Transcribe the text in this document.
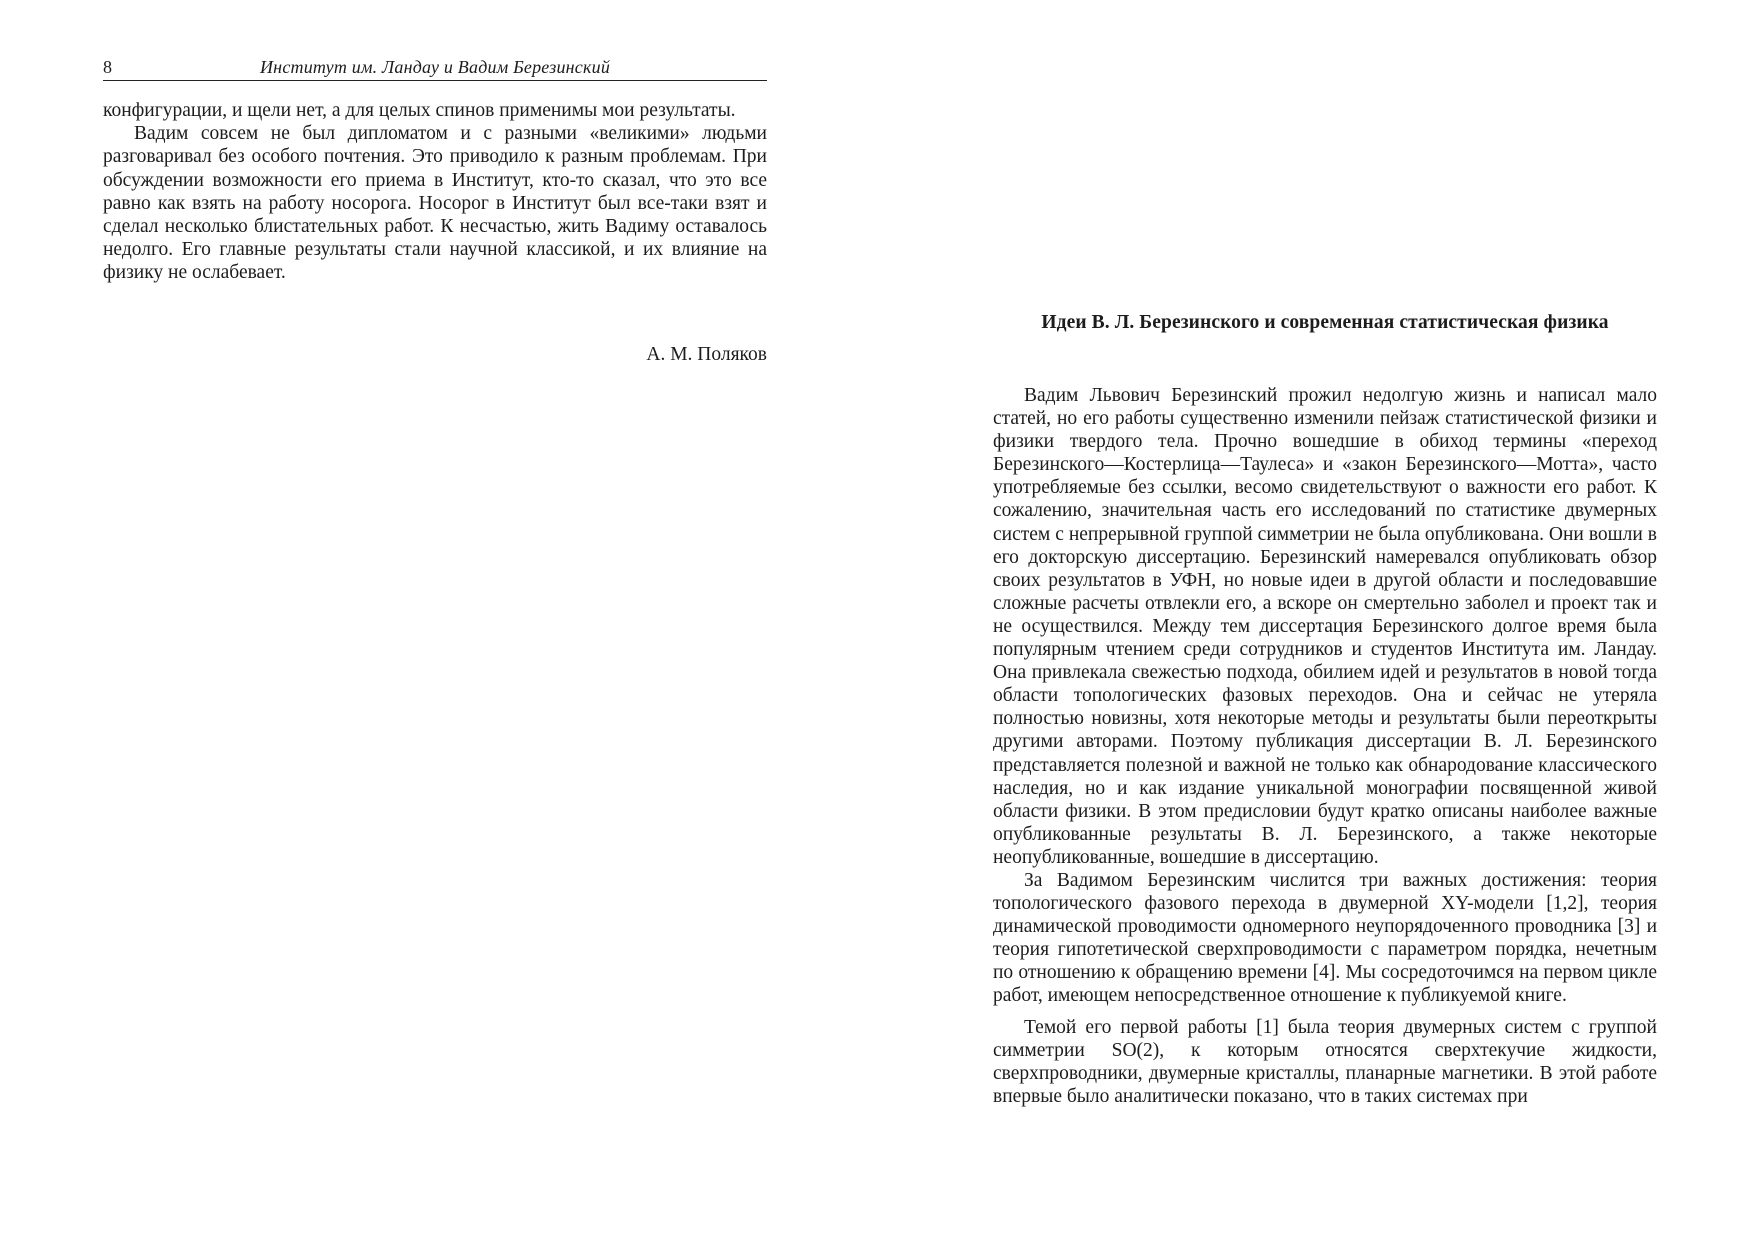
8	Институт им. Ландау и Вадим Березинский

конфигурации, и щели нет, а для целых спинов применимы мои результаты.

Вадим совсем не был дипломатом и с разными «великими» людьми разговаривал без особого почтения. Это приводило к разным проблемам. При обсуждении возможности его приема в Институт, кто-то сказал, что это все равно как взять на работу носорога. Носорог в Институт был все-таки взят и сделал несколько блистательных работ. К несчастью, жить Вадиму оставалось недолго. Его главные результаты стали научной классикой, и их влияние на физику не ослабевает.

А. М. Поляков
Идеи В. Л. Березинского и современная статистическая физика

Вадим Львович Березинский прожил недолгую жизнь и написал мало статей, но его работы существенно изменили пейзаж статистической физики и физики твердого тела. Прочно вошедшие в обиход термины «переход Березинского—Костерлица—Таулеса» и «закон Березинского—Мотта», часто употребляемые без ссылки, весомо свидетельствуют о важности его работ. К сожалению, значительная часть его исследований по статистике двумерных систем с непрерывной группой симметрии не была опубликована. Они вошли в его докторскую диссертацию. Березинский намеревался опубликовать обзор своих результатов в УФН, но новые идеи в другой области и последовавшие сложные расчеты отвлекли его, а вскоре он смертельно заболел и проект так и не осуществился. Между тем диссертация Березинского долгое время была популярным чтением среди сотрудников и студентов Института им. Ландау. Она привлекала свежестью подхода, обилием идей и результатов в новой тогда области топологических фазовых переходов. Она и сейчас не утеряла полностью новизны, хотя некоторые методы и результаты были переоткрыты другими авторами. Поэтому публикация диссертации В. Л. Березинского представляется полезной и важной не только как обнародование классического наследия, но и как издание уникальной монографии посвященной живой области физики. В этом предисловии будут кратко описаны наиболее важные опубликованные результаты В. Л. Березинского, а также некоторые неопубликованные, вошедшие в диссертацию.

За Вадимом Березинским числится три важных достижения: теория топологического фазового перехода в двумерной XY-модели [1,2], теория динамической проводимости одномерного неупорядоченного проводника [3] и теория гипотетической сверхпроводимости с параметром порядка, нечетным по отношению к обращению времени [4]. Мы сосредоточимся на первом цикле работ, имеющем непосредственное отношение к публикуемой книге.

Темой его первой работы [1] была теория двумерных систем с группой симметрии SO(2), к которым относятся сверхтекучие жидкости, сверхпроводники, двумерные кристаллы, планарные магнетики. В этой работе впервые было аналитически показано, что в таких системах при
